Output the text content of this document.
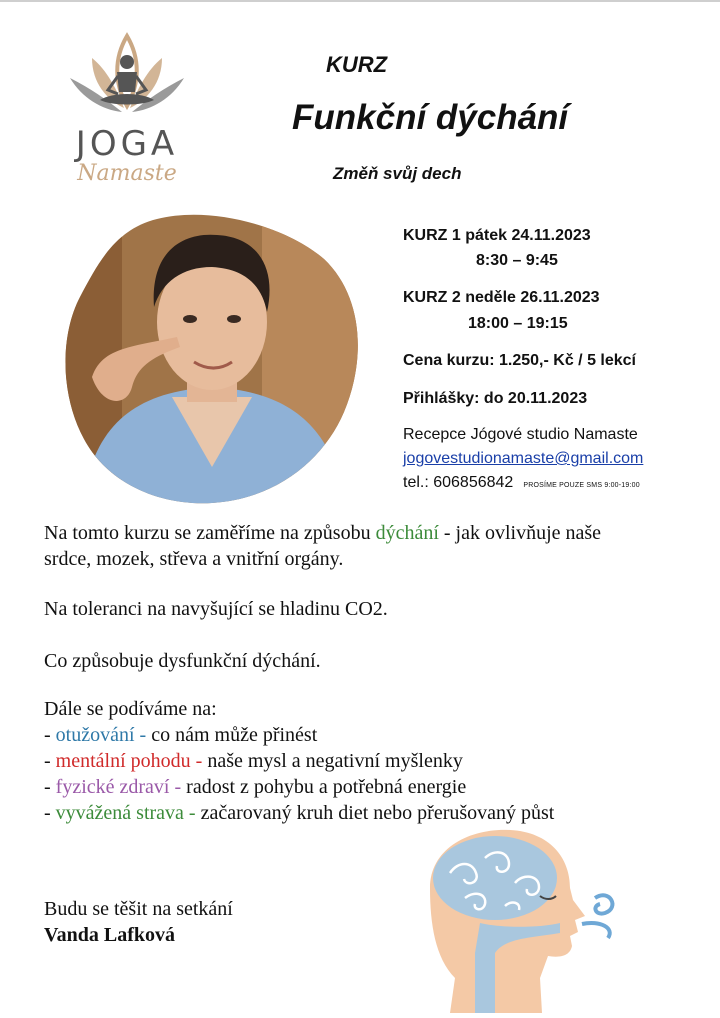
JOGA
Namaste
KURZ
Funkční dýchání
Změň svůj dech
KURZ 1 pátek 24.11.2023
8:30 – 9:45
KURZ 2 neděle 26.11.2023
18:00 – 19:15
Cena kurzu: 1.250,- Kč / 5 lekcí
Přihlášky: do 20.11.2023
Recepce Jógové studio Namaste
jogovestudionamaste@gmail.com
tel.: 606856842 PROSÍME POUZE SMS 9:00-19:00
Na tomto kurzu se zaměříme na způsobu dýchání - jak ovlivňuje naše
srdce, mozek, střeva a vnitřní orgány.
Na toleranci na navyšující se hladinu CO2.
Co způsobuje dysfunkční dýchání.
Dále se podíváme na:
- otužování - co nám může přinést
- mentální pohodu - naše mysl a negativní myšlenky
- fyzické zdraví - radost z pohybu a potřebná energie
- vyvážená strava - začarovaný kruh diet nebo přerušovaný půst
Budu se těšit na setkání
Vanda Lafková
